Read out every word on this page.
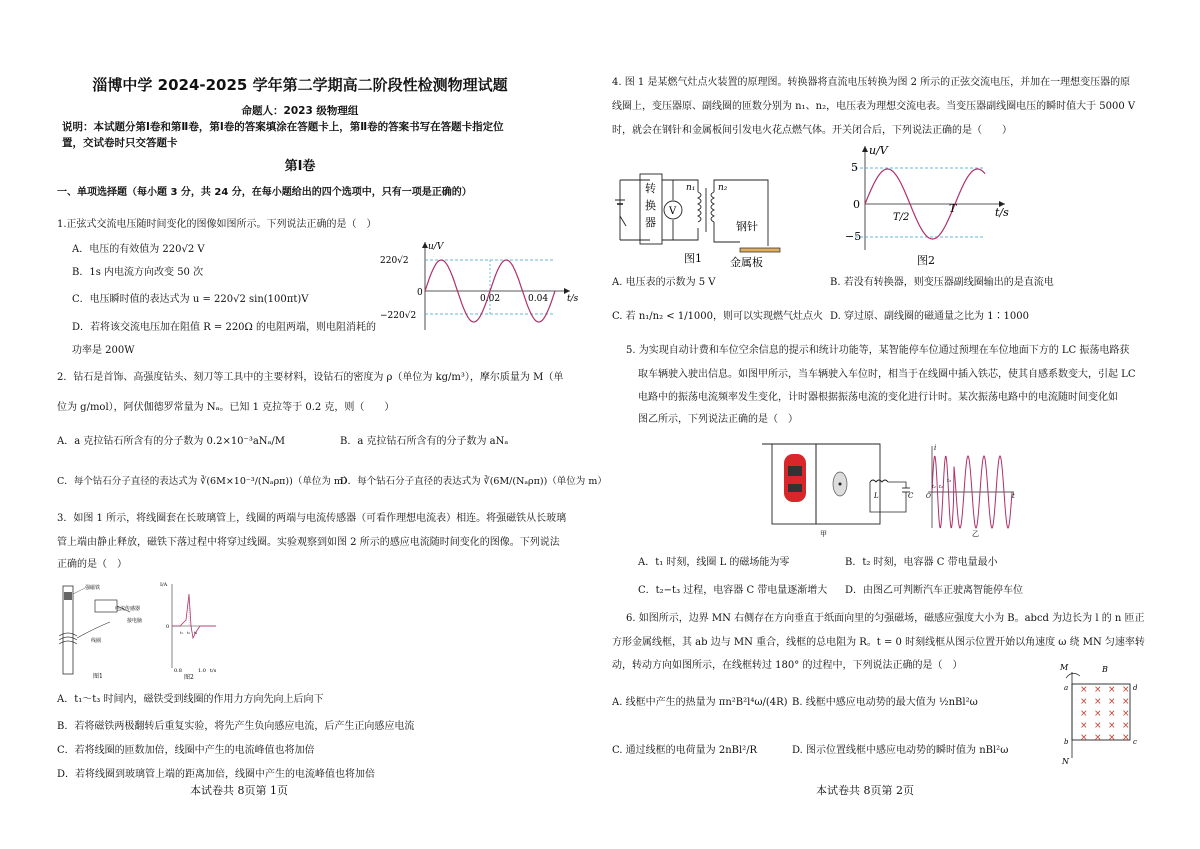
淄博中学 2024-2025 学年第二学期高二阶段性检测物理试题
命题人：2023 级物理组
说明：本试题分第Ⅰ卷和第Ⅱ卷，第Ⅰ卷的答案填涂在答题卡上，第Ⅱ卷的答案书写在答题卡指定位
置，交试卷时只交答题卡
第Ⅰ卷
一、单项选择题（每小题 3 分，共 24 分，在每小题给出的四个选项中，只有一项是正确的）
1.正弦式交流电压随时间变化的图像如图所示。下列说法正确的是（　）
A．电压的有效值为 220√2 V
B．1s 内电流方向改变 50 次
C．电压瞬时值的表达式为 u = 220√2 sin(100πt)V
D．若将该交流电压加在阻值 R = 220Ω 的电阻两端，则电阻消耗的
功率是 200W
u/V
220√2
−220√2
0
0.02	0.04 t/s
2．钻石是首饰、高强度钻头、刻刀等工具中的主要材料，设钻石的密度为 ρ（单位为 kg/m³），摩尔质量为 M（单
位为 g/mol），阿伏伽德罗常量为 Nₐ。已知 1 克拉等于 0.2 克，则（　　）
A．a 克拉钻石所含有的分子数为 0.2×10⁻³aNₐ/M	B．a 克拉钻石所含有的分子数为 aNₐ
C．每个钻石分子直径的表达式为 ∛(6M×10⁻³/(Nₐρπ))（单位为 m）
D．每个钻石分子直径的表达式为 ∛(6M/(Nₐρπ))（单位为 m）
3．如图 1 所示，将线圈套在长玻璃管上，线圈的两端与电流传感器（可看作理想电流表）相连。将强磁铁从长玻璃
管上端由静止释放，磁铁下落过程中将穿过线圈。实验观察到如图 2 所示的感应电流随时间变化的图像。下列说法
正确的是（　）
强磁铁
电流传感器
接电脑
线圈
图1
I/A
0
t₁ t₂ t₃
0.8	1.0 t/s
图2
A．t₁～t₃ 时间内，磁铁受到线圈的作用力方向先向上后向下
B．若将磁铁两极翻转后重复实验，将先产生负向感应电流，后产生正向感应电流
C．若将线圈的匝数加倍，线圈中产生的电流峰值也将加倍
D．若将线圈到玻璃管上端的距离加倍，线圈中产生的电流峰值也将加倍
本试卷共 8页第 1页
4. 图 1 是某燃气灶点火装置的原理图。转换器将直流电压转换为图 2 所示的正弦交流电压，并加在一理想变压器的原
线圈上，变压器原、副线圈的匝数分别为 n₁、n₂，电压表为理想交流电表。当变压器副线圈电压的瞬时值大于 5000 V
时，就会在钢针和金属板间引发电火花点燃气体。开关闭合后，下列说法正确的是（　　）
转
换
器
V
n₁	n₂
钢针
金属板
图1
u/V
5
0
−5
T/2
T	t/s
图2
A. 电压表的示数为 5 V	B. 若没有转换器，则变压器副线圈输出的是直流电
C. 若 n₁/n₂ < 1/1000，则可以实现燃气灶点火 D. 穿过原、副线圈的磁通量之比为 1∶1000
5. 为实现自动计费和车位空余信息的提示和统计功能等，某智能停车位通过预埋在车位地面下方的 LC 振荡电路获
取车辆驶入驶出信息。如图甲所示，当车辆驶入车位时，相当于在线圈中插入铁芯，使其自感系数变大，引起 LC
电路中的振荡电流频率发生变化，计时器根据振荡电流的变化进行计时。某次振荡电路中的电流随时间变化如
图乙所示，下列说法正确的是（　）
L	C
i
t
O
t₁ t₂
t₃
甲	乙
A．t₁ 时刻，线圈 L 的磁场能为零	B．t₂ 时刻，电容器 C 带电量最小
C．t₂−t₃ 过程，电容器 C 带电量逐渐增大 D．由图乙可判断汽车正驶离智能停车位
6. 如图所示，边界 MN 右侧存在方向垂直于纸面向里的匀强磁场，磁感应强度大小为 B。abcd 为边长为 l 的 n 匝正
方形金属线框，其 ab 边与 MN 重合，线框的总电阻为 R。t = 0 时刻线框从图示位置开始以角速度 ω 绕 MN 匀速率转
动，转动方向如图所示，在线框转过 180° 的过程中，下列说法正确的是（　）
A. 线框中产生的热量为 πn²B²l⁴ω/(4R) B. 线框中感应电动势的最大值为 ½nBl²ω
C. 通过线框的电荷量为 2nBl²/R	D. 图示位置线框中感应电动势的瞬时值为 nBl²ω
× × × ×
× × × ×
× × × ×
× × × ×
× × × ×
M	B
a	d
b	c
N
本试卷共 8页第 2页
